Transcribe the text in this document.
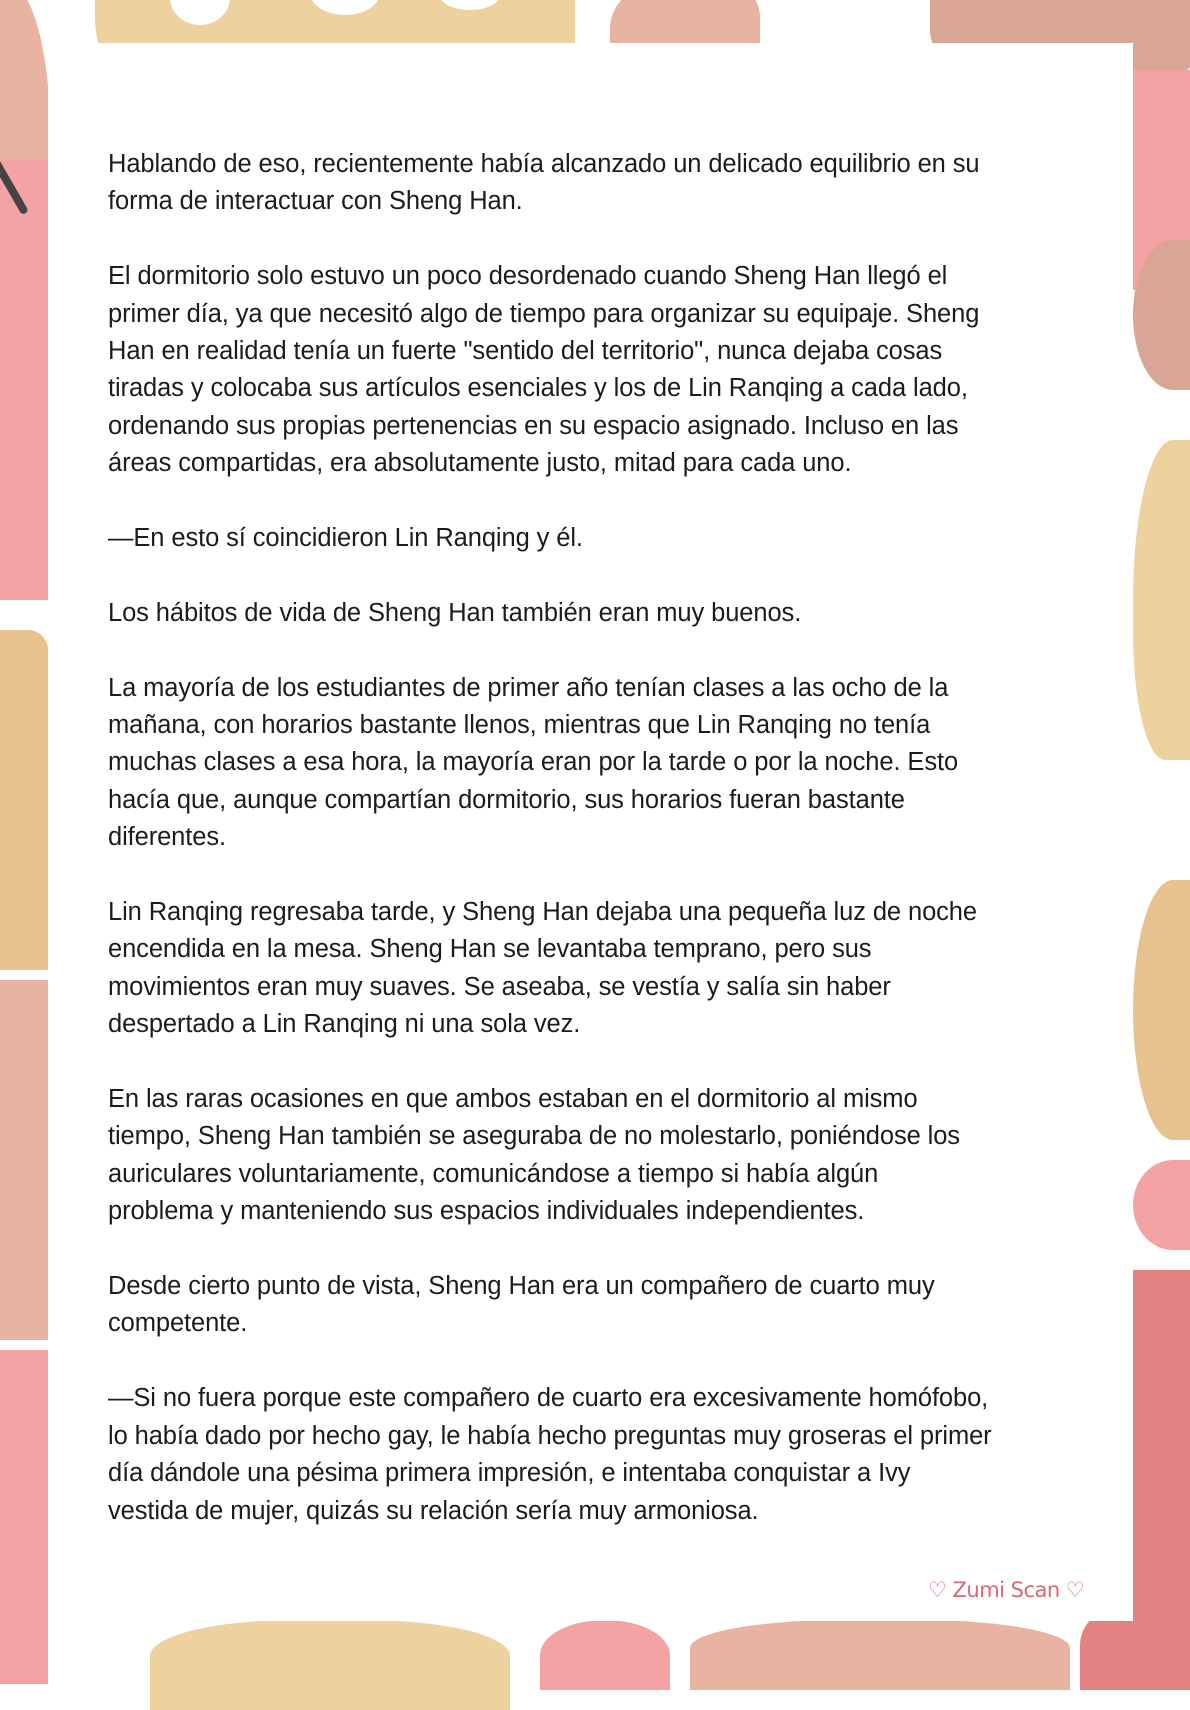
Hablando de eso, recientemente había alcanzado un delicado equilibrio en su
forma de interactuar con Sheng Han.

El dormitorio solo estuvo un poco desordenado cuando Sheng Han llegó el
primer día, ya que necesitó algo de tiempo para organizar su equipaje. Sheng
Han en realidad tenía un fuerte "sentido del territorio", nunca dejaba cosas
tiradas y colocaba sus artículos esenciales y los de Lin Ranqing a cada lado,
ordenando sus propias pertenencias en su espacio asignado. Incluso en las
áreas compartidas, era absolutamente justo, mitad para cada uno.

—En esto sí coincidieron Lin Ranqing y él.

Los hábitos de vida de Sheng Han también eran muy buenos.

La mayoría de los estudiantes de primer año tenían clases a las ocho de la
mañana, con horarios bastante llenos, mientras que Lin Ranqing no tenía
muchas clases a esa hora, la mayoría eran por la tarde o por la noche. Esto
hacía que, aunque compartían dormitorio, sus horarios fueran bastante
diferentes.

Lin Ranqing regresaba tarde, y Sheng Han dejaba una pequeña luz de noche
encendida en la mesa. Sheng Han se levantaba temprano, pero sus
movimientos eran muy suaves. Se aseaba, se vestía y salía sin haber
despertado a Lin Ranqing ni una sola vez.

En las raras ocasiones en que ambos estaban en el dormitorio al mismo
tiempo, Sheng Han también se aseguraba de no molestarlo, poniéndose los
auriculares voluntariamente, comunicándose a tiempo si había algún
problema y manteniendo sus espacios individuales independientes.

Desde cierto punto de vista, Sheng Han era un compañero de cuarto muy
competente.

—Si no fuera porque este compañero de cuarto era excesivamente homófobo,
lo había dado por hecho gay, le había hecho preguntas muy groseras el primer
día dándole una pésima primera impresión, e intentaba conquistar a Ivy
vestida de mujer, quizás su relación sería muy armoniosa.

♡ Zumi Scan ♡
